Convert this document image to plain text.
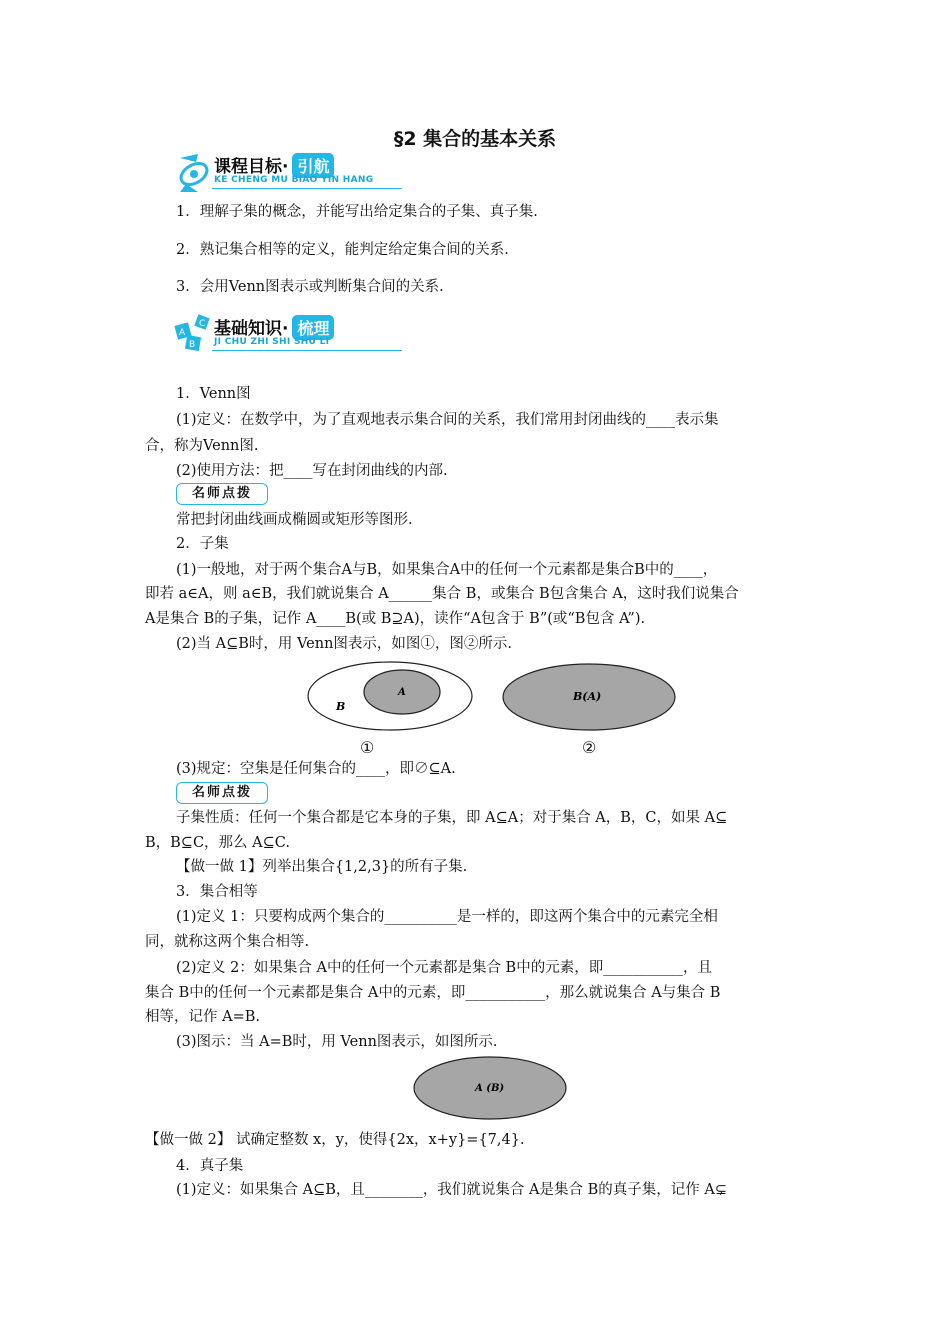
§2 集合的基本关系
课程目标· 引航
KE CHENG MU BIAO YIN HANG
1．理解子集的概念，并能写出给定集合的子集、真子集.
2．熟记集合相等的定义，能判定给定集合间的关系.
3．会用Venn图表示或判断集合间的关系.
C
A
B
基础知识· 梳理
JI CHU ZHI SHI SHU LI
1．Venn图
(1)定义：在数学中，为了直观地表示集合间的关系，我们常用封闭曲线的____表示集
合，称为Venn图.
(2)使用方法：把____写在封闭曲线的内部.
名师点拨
常把封闭曲线画成椭圆或矩形等图形.
2．子集
(1)一般地，对于两个集合A与B，如果集合A中的任何一个元素都是集合B中的____，
即若 a∈A，则 a∈B，我们就说集合 A______集合 B，或集合 B包含集合 A，这时我们说集合
A是集合 B的子集，记作 A____B(或 B⊇A)，读作“A包含于 B”(或“B包含 A”).
(2)当 A⊆B时，用 Venn图表示，如图①，图②所示.
A
B
①
B(A)
②
(3)规定：空集是任何集合的____，即∅⊆A.
名师点拨
子集性质：任何一个集合都是它本身的子集，即 A⊆A；对于集合 A，B，C，如果 A⊆
B，B⊆C，那么 A⊆C.
【做一做 1】列举出集合{1,2,3}的所有子集.
3．集合相等
(1)定义 1：只要构成两个集合的__________是一样的，即这两个集合中的元素完全相
同，就称这两个集合相等.
(2)定义 2：如果集合 A中的任何一个元素都是集合 B中的元素，即___________，且
集合 B中的任何一个元素都是集合 A中的元素，即___________，那么就说集合 A与集合 B
相等，记作 A=B.
(3)图示：当 A=B时，用 Venn图表示，如图所示.
A (B)
【做一做 2】 试确定整数 x，y，使得{2x，x+y}={7,4}.
4．真子集
(1)定义：如果集合 A⊆B，且________，我们就说集合 A是集合 B的真子集，记作 A⊊
